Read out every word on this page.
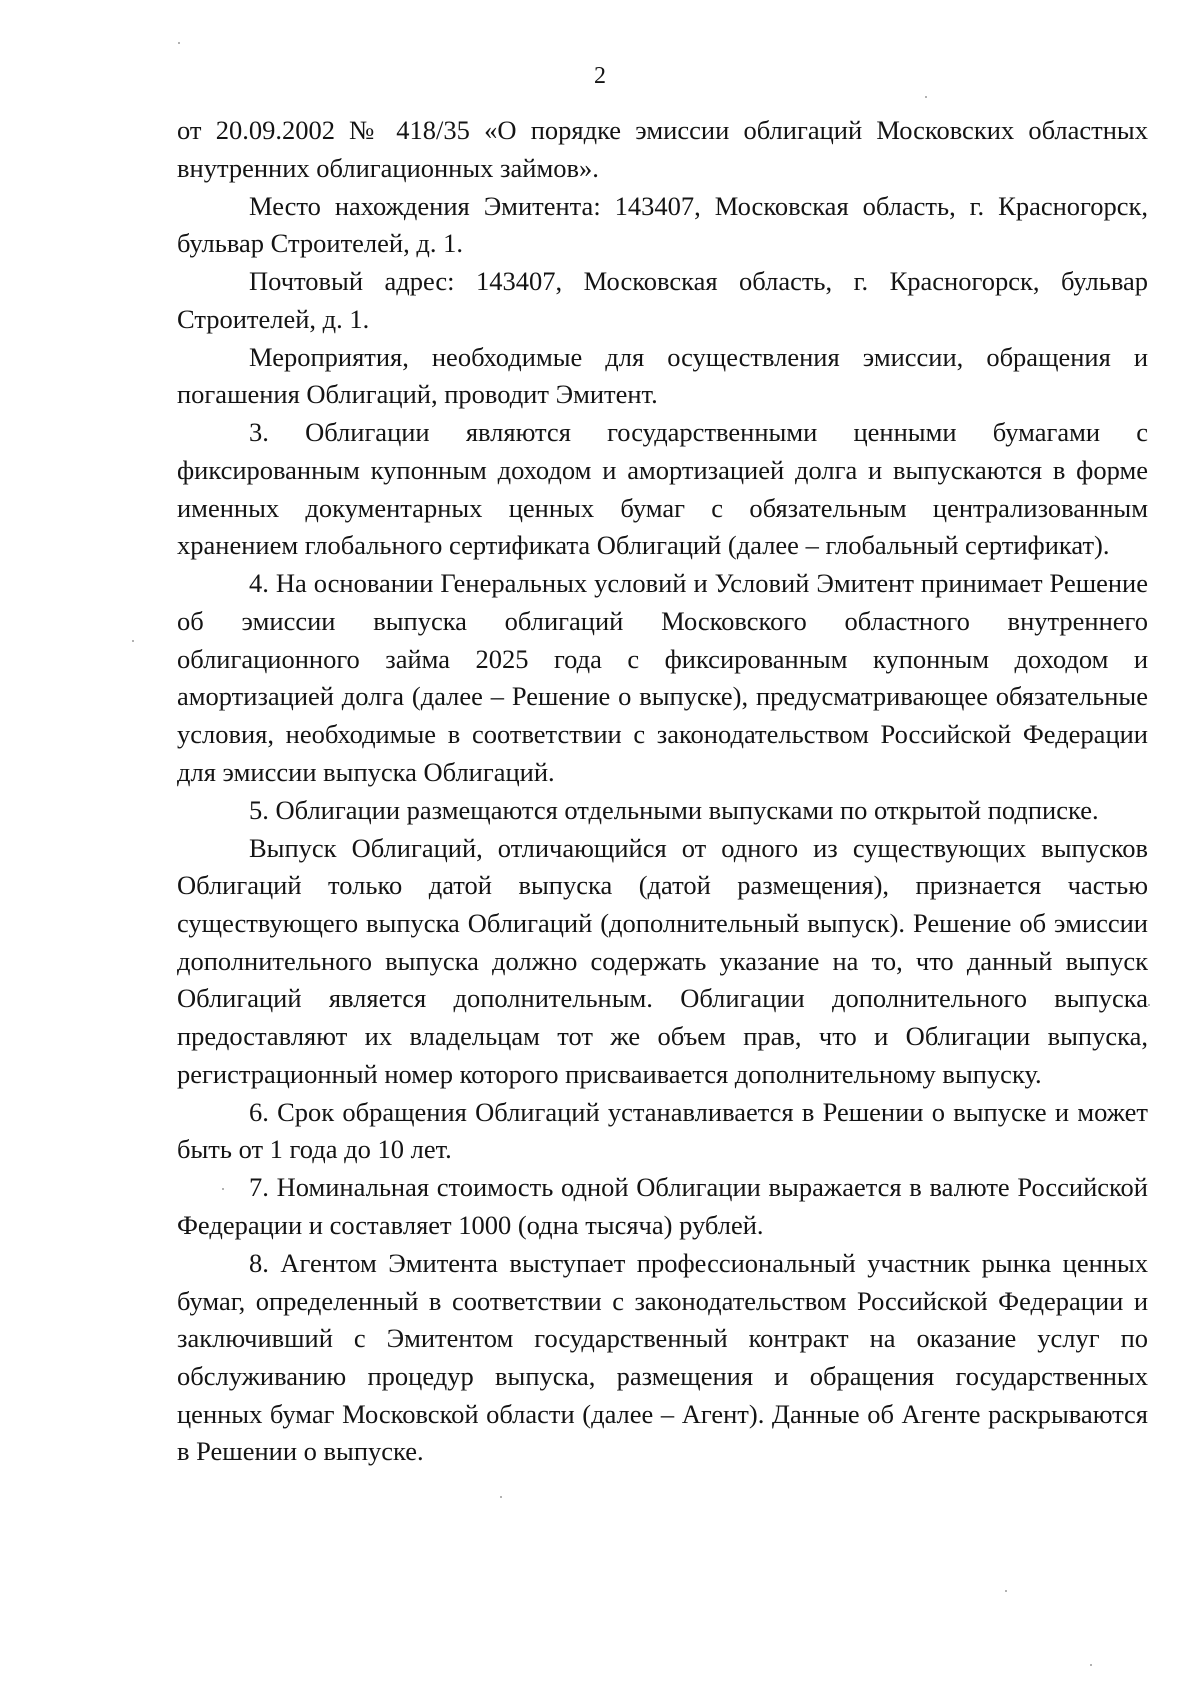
2

от 20.09.2002 № 418/35 «О порядке эмиссии облигаций Московских областных внутренних облигационных займов».

Место нахождения Эмитента: 143407, Московская область, г. Красногорск, бульвар Строителей, д. 1.

Почтовый адрес: 143407, Московская область, г. Красногорск, бульвар Строителей, д. 1.

Мероприятия, необходимые для осуществления эмиссии, обращения и погашения Облигаций, проводит Эмитент.

3. Облигации являются государственными ценными бумагами с фиксированным купонным доходом и амортизацией долга и выпускаются в форме именных документарных ценных бумаг с обязательным централизованным хранением глобального сертификата Облигаций (далее – глобальный сертификат).

4. На основании Генеральных условий и Условий Эмитент принимает Решение об эмиссии выпуска облигаций Московского областного внутреннего облигационного займа 2025 года с фиксированным купонным доходом и амортизацией долга (далее – Решение о выпуске), предусматривающее обязательные условия, необходимые в соответствии с законодательством Российской Федерации для эмиссии выпуска Облигаций.

5. Облигации размещаются отдельными выпусками по открытой подписке.

Выпуск Облигаций, отличающийся от одного из существующих выпусков Облигаций только датой выпуска (датой размещения), признается частью существующего выпуска Облигаций (дополнительный выпуск). Решение об эмиссии дополнительного выпуска должно содержать указание на то, что данный выпуск Облигаций является дополнительным. Облигации дополнительного выпуска предоставляют их владельцам тот же объем прав, что и Облигации выпуска, регистрационный номер которого присваивается дополнительному выпуску.

6. Срок обращения Облигаций устанавливается в Решении о выпуске и может быть от 1 года до 10 лет.

7. Номинальная стоимость одной Облигации выражается в валюте Российской Федерации и составляет 1000 (одна тысяча) рублей.

8. Агентом Эмитента выступает профессиональный участник рынка ценных бумаг, определенный в соответствии с законодательством Российской Федерации и заключивший с Эмитентом государственный контракт на оказание услуг по обслуживанию процедур выпуска, размещения и обращения государственных ценных бумаг Московской области (далее – Агент). Данные об Агенте раскрываются в Решении о выпуске.
